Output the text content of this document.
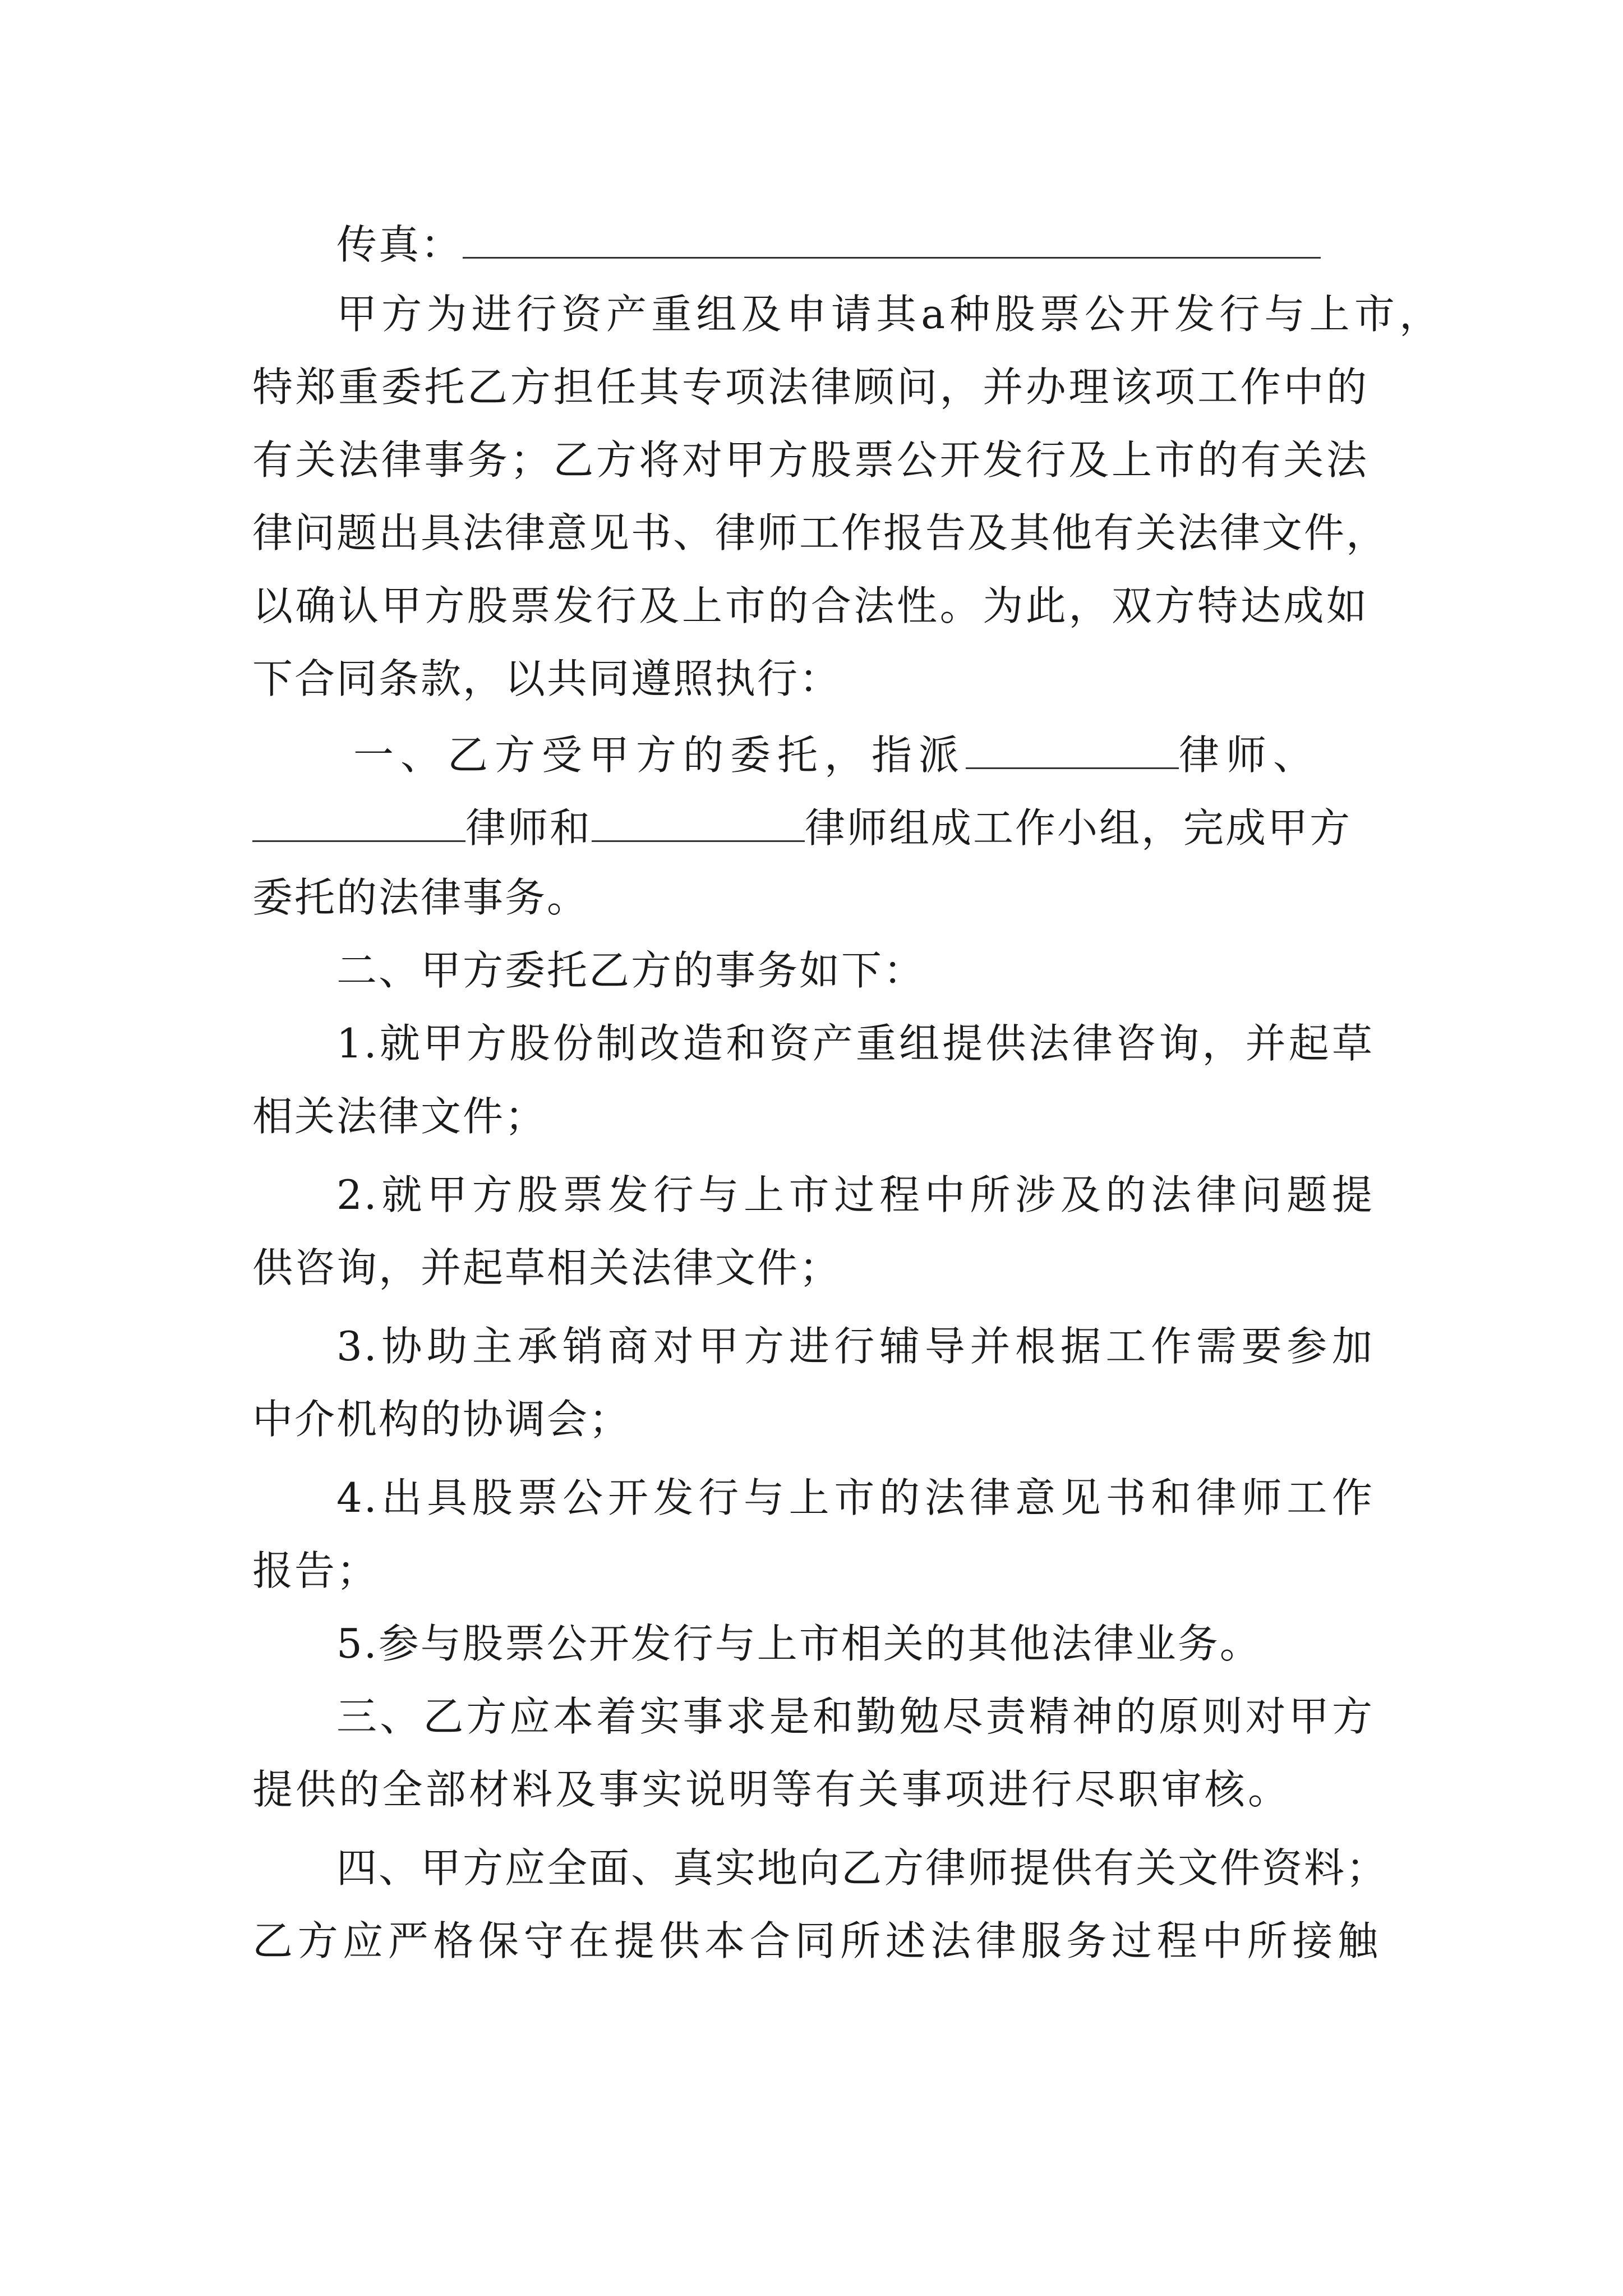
传真：
甲方为进行资产重组及申请其a种股票公开发行与上市，
特郑重委托乙方担任其专项法律顾问，并办理该项工作中的
有关法律事务；乙方将对甲方股票公开发行及上市的有关法
律问题出具法律意见书、律师工作报告及其他有关法律文件，
以确认甲方股票发行及上市的合法性。为此，双方特达成如
下合同条款，以共同遵照执行：
一、乙方受甲方的委托，指派	律师、
律师和	律师组成工作小组，完成甲方
委托的法律事务。
二、甲方委托乙方的事务如下：
1.就甲方股份制改造和资产重组提供法律咨询，并起草
相关法律文件；
2.就甲方股票发行与上市过程中所涉及的法律问题提
供咨询，并起草相关法律文件；
3.协助主承销商对甲方进行辅导并根据工作需要参加
中介机构的协调会；
4.出具股票公开发行与上市的法律意见书和律师工作
报告；
5.参与股票公开发行与上市相关的其他法律业务。
三、乙方应本着实事求是和勤勉尽责精神的原则对甲方
提供的全部材料及事实说明等有关事项进行尽职审核。
四、甲方应全面、真实地向乙方律师提供有关文件资料；
乙方应严格保守在提供本合同所述法律服务过程中所接触
